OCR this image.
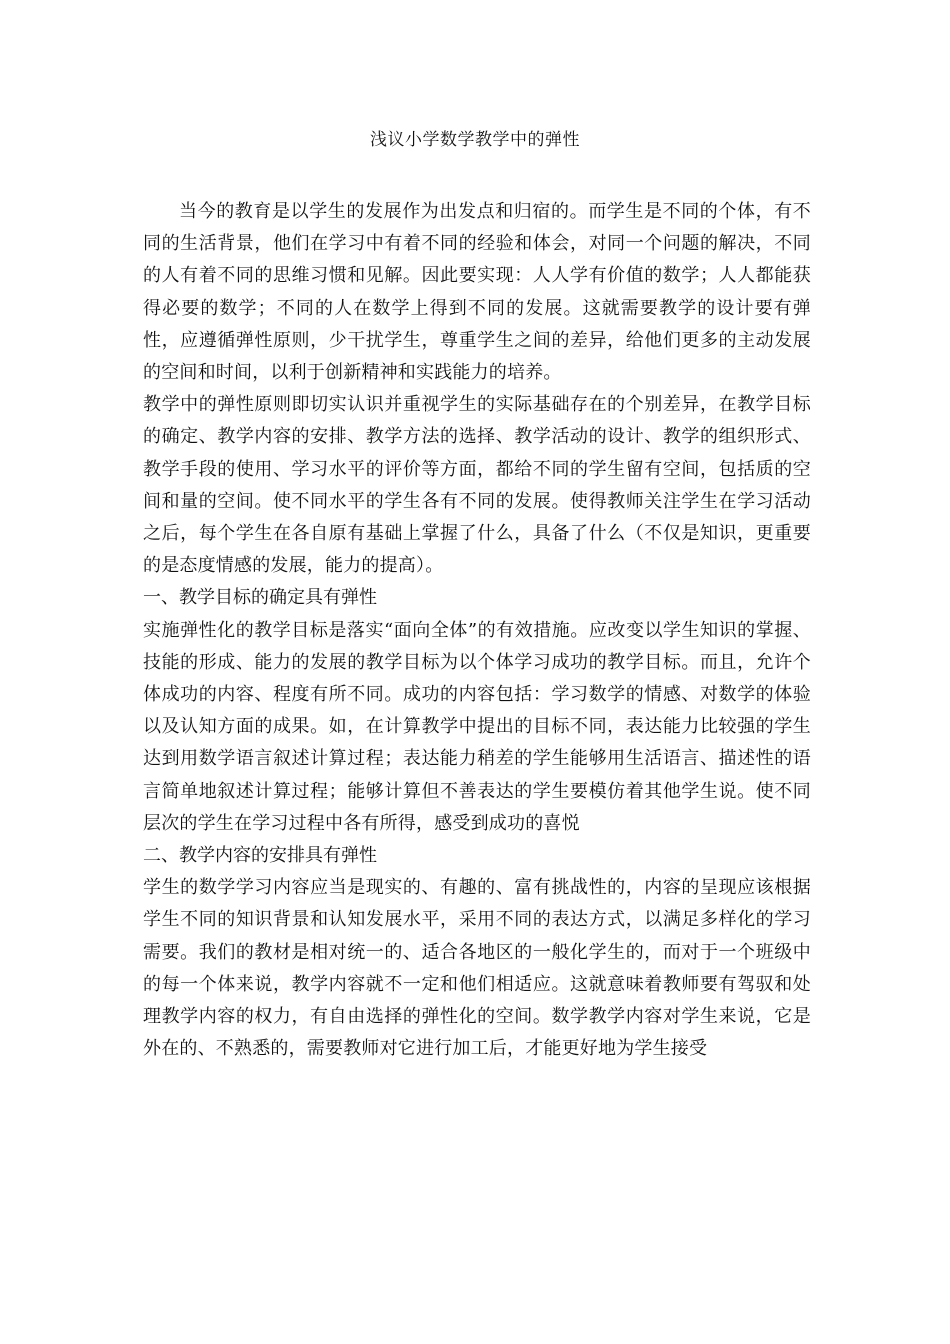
浅议小学数学教学中的弹性

当今的教育是以学生的发展作为出发点和归宿的。而学生是不同的个体，有不同的生活背景，他们在学习中有着不同的经验和体会，对同一个问题的解决，不同的人有着不同的思维习惯和见解。因此要实现：人人学有价值的数学；人人都能获得必要的数学；不同的人在数学上得到不同的发展。这就需要教学的设计要有弹性，应遵循弹性原则，少干扰学生，尊重学生之间的差异，给他们更多的主动发展的空间和时间，以利于创新精神和实践能力的培养。

教学中的弹性原则即切实认识并重视学生的实际基础存在的个别差异，在教学目标的确定、教学内容的安排、教学方法的选择、教学活动的设计、教学的组织形式、教学手段的使用、学习水平的评价等方面，都给不同的学生留有空间，包括质的空间和量的空间。使不同水平的学生各有不同的发展。使得教师关注学生在学习活动之后，每个学生在各自原有基础上掌握了什么，具备了什么（不仅是知识，更重要的是态度情感的发展，能力的提高）。

一、教学目标的确定具有弹性

实施弹性化的教学目标是落实“面向全体”的有效措施。应改变以学生知识的掌握、技能的形成、能力的发展的教学目标为以个体学习成功的教学目标。而且，允许个体成功的内容、程度有所不同。成功的内容包括：学习数学的情感、对数学的体验以及认知方面的成果。如，在计算教学中提出的目标不同，表达能力比较强的学生达到用数学语言叙述计算过程；表达能力稍差的学生能够用生活语言、描述性的语言简单地叙述计算过程；能够计算但不善表达的学生要模仿着其他学生说。使不同层次的学生在学习过程中各有所得，感受到成功的喜悦

二、教学内容的安排具有弹性

学生的数学学习内容应当是现实的、有趣的、富有挑战性的，内容的呈现应该根据学生不同的知识背景和认知发展水平，采用不同的表达方式，以满足多样化的学习需要。我们的教材是相对统一的、适合各地区的一般化学生的，而对于一个班级中的每一个体来说，教学内容就不一定和他们相适应。这就意味着教师要有驾驭和处理教学内容的权力，有自由选择的弹性化的空间。数学教学内容对学生来说，它是外在的、不熟悉的，需要教师对它进行加工后，才能更好地为学生接受
